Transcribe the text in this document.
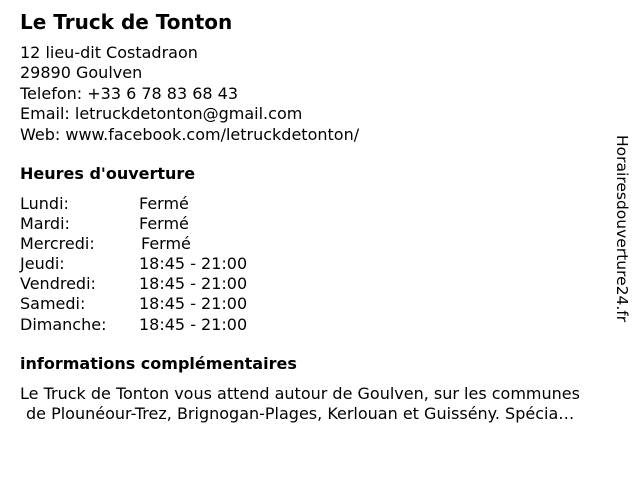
Le Truck de Tonton
12 lieu-dit Costadraon
29890 Goulven
Telefon: +33 6 78 83 68 43
Email: letruckdetonton@gmail.com
Web: www.facebook.com/letruckdetonton/
Heures d'ouverture
Lundi:	Fermé
Mardi:	Fermé
Mercredi:	Fermé
Jeudi:	18:45 - 21:00
Vendredi:	18:45 - 21:00
Samedi:	18:45 - 21:00
Dimanche:	18:45 - 21:00
informations complémentaires
Le Truck de Tonton vous attend autour de Goulven, sur les communes
de Plounéour-Trez, Brignogan-Plages, Kerlouan et Guissény. Spécia…
Horairesdouverture24.fr
